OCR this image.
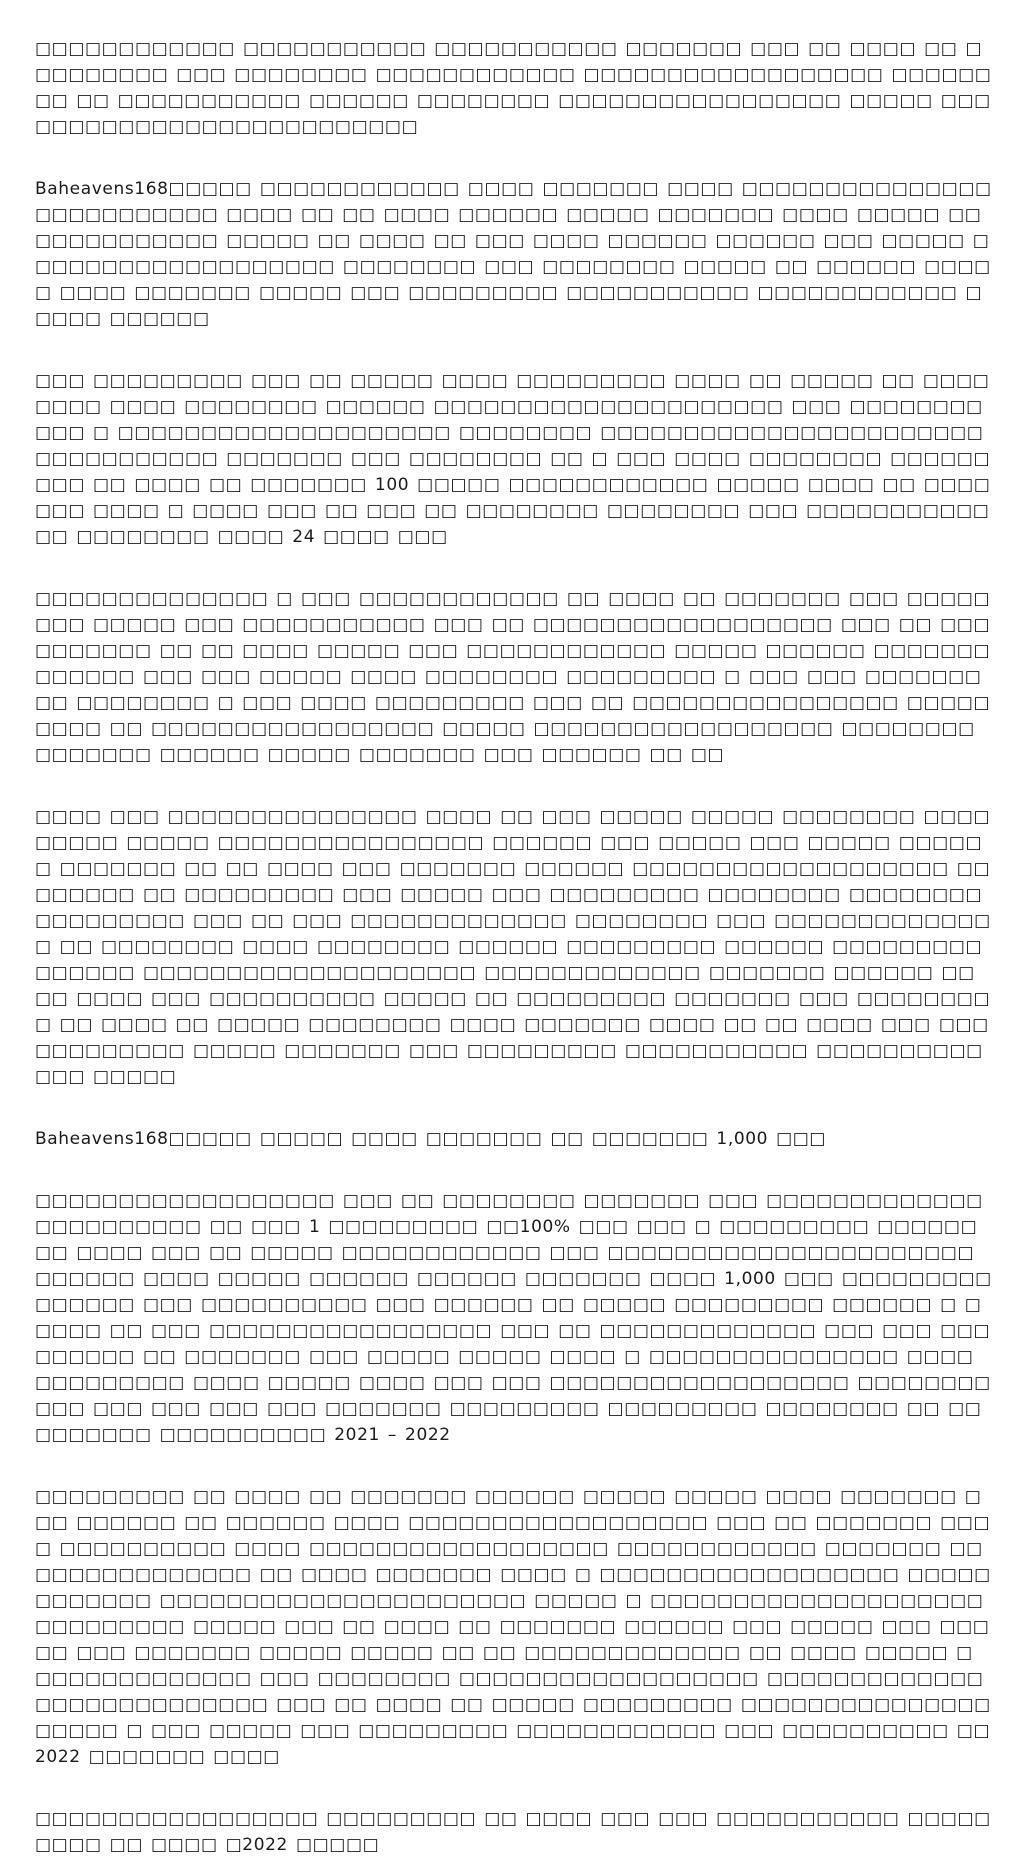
□□□□□□□□□□□□ □□□□□□□□□□□ □□□□□□□□□□□ □□□□□□□ □□□ □□ □□□□ □□ □□□□□□□□□ □□□ □□□□□□□□ □□□□□□□□□□□□ □□□□□□□□□□□□□□□□□□ □□□□□□□□ □□ □□□□□□□□□□□ □□□□□□ □□□□□□□□ □□□□□□□□□□□□□□□□□ □□□□□ □□□□□□□□□□□□□□□□□□□□□□□□□□

Baheavens168□□□□□ □□□□□□□□□□□□ □□□□ □□□□□□□ □□□□ □□□□□□□□□□□□□□□□□□□□□□□□□□ □□□□ □□ □□ □□□□ □□□□□□ □□□□□ □□□□□□□ □□□□ □□□□□ □□□□□□□□□□□□□ □□□□□ □□ □□□□ □□ □□□ □□□□ □□□□□□ □□□□□□ □□□ □□□□□ □□□□□□□□□□□□□□□□□□□ □□□□□□□□ □□□ □□□□□□□□ □□□□□ □□ □□□□□□ □□□□□ □□□□ □□□□□□□ □□□□□ □□□ □□□□□□□□□ □□□□□□□□□□□ □□□□□□□□□□□□ □□□□□ □□□□□□

□□□ □□□□□□□□□ □□□ □□ □□□□□ □□□□ □□□□□□□□□ □□□□ □□ □□□□□ □□ □□□□□□□□ □□□□ □□□□□□□□ □□□□□□ □□□□□□□□□□□□□□□□□□□□□ □□□ □□□□□□□□ □□□ □ □□□□□□□□□□□□□□□□□□□□ □□□□□□□□ □□□□□□□□□□□□□□□□□□□□□□□□□□□□□□□□□□ □□□□□□□ □□□ □□□□□□□□ □□ □ □□□ □□□□ □□□□□□□□ □□□□□□□□□ □□ □□□□ □□ □□□□□□□ 100 □□□□□ □□□□□□□□□□□□ □□□□□ □□□□ □□ □□□□ □□□ □□□□ □ □□□□ □□□ □□ □□□ □□ □□□□□□□□ □□□□□□□□ □□□ □□□□□□□□□□□□□ □□□□□□□□ □□□□ 24 □□□□ □□□

□□□□□□□□□□□□□□ □ □□□ □□□□□□□□□□□□ □□ □□□□ □□ □□□□□□□ □□□ □□□□□□□□ □□□□□ □□□ □□□□□□□□□□□ □□□ □□ □□□□□□□□□□□□□□□□□□ □□□ □□ □□□□□□□□□□ □□ □□ □□□□ □□□□□ □□□ □□□□□□□□□□□□ □□□□□ □□□□□□ □□□□□□□□□□□□□ □□□ □□□ □□□□□ □□□□ □□□□□□□□ □□□□□□□□□ □ □□□ □□□ □□□□□□□□□ □□□□□□□□ □ □□□ □□□□ □□□□□□□□□ □□□ □□ □□□□□□□□□□□□□□□□ □□□□□□□□□ □□ □□□□□□□□□□□□□□□□□ □□□□□ □□□□□□□□□□□□□□□□□□ □□□□□□□□ □□□□□□□ □□□□□□ □□□□□ □□□□□□□ □□□ □□□□□□ □□ □□

□□□□ □□□ □□□□□□□□□□□□□□□ □□□□ □□ □□□ □□□□□ □□□□□ □□□□□□□□ □□□□□□□□□ □□□□□ □□□□□□□□□□□□□□□□ □□□□□□ □□□ □□□□□ □□□ □□□□□ □□□□□□ □□□□□□□ □□ □□ □□□□ □□□ □□□□□□□ □□□□□□ □□□□□□□□□□□□□□□□□□□ □□□□□□□□ □□ □□□□□□□□□ □□□ □□□□□ □□□ □□□□□□□□□ □□□□□□□□ □□□□□□□□ □□□□□□□□□ □□□ □□ □□□ □□□□□□□□□□□□□ □□□□□□□□ □□□ □□□□□□□□□□□□□□ □□ □□□□□□□□ □□□□ □□□□□□□□ □□□□□□ □□□□□□□□□ □□□□□□ □□□□□□□□□□□□□□□ □□□□□□□□□□□□□□□□□□□□ □□□□□□□□□□□□□ □□□□□□□ □□□□□□ □□ □□ □□□□ □□□ □□□□□□□□□□ □□□□□ □□ □□□□□□□□□ □□□□□□□ □□□ □□□□□□□□□ □□ □□□□ □□ □□□□□ □□□□□□□□ □□□□ □□□□□□□ □□□□ □□ □□ □□□□ □□□ □□□□□□□□□□□□ □□□□□ □□□□□□□ □□□ □□□□□□□□□ □□□□□□□□□□□ □□□□□□□□□□□□□ □□□□□

Baheavens168□□□□□ □□□□□ □□□□ □□□□□□□ □□ □□□□□□□ 1,000 □□□

□□□□□□□□□□□□□□□□□□ □□□ □□ □□□□□□□□ □□□□□□□ □□□ □□□□□□□□□□□□□□□□□□□□□□□ □□ □□□ 1 □□□□□□□□□ □□100% □□□ □□□ □ □□□□□□□□□ □□□□□□□□ □□□□ □□□ □□ □□□□□ □□□□□□□□□□□□ □□□ □□□□□□□□□□□□□□□□□□□□□□ □□□□□□ □□□□ □□□□□ □□□□□□ □□□□□□ □□□□□□□ □□□□ 1,000 □□□ □□□□□□□□□□□□□□□ □□□ □□□□□□□□□□ □□□ □□□□□□ □□ □□□□□ □□□□□□□□□ □□□□□□ □ □□□□□ □□ □□□ □□□□□□□□□□□□□□□□□ □□□ □□ □□□□□□□□□□□□□ □□□ □□□ □□□□□□□□□ □□ □□□□□□□ □□□ □□□□□ □□□□□ □□□□ □ □□□□□□□□□□□□□□□ □□□□ □□□□□□□□□ □□□□ □□□□□ □□□□ □□□ □□□ □□□□□□□□□□□□□□□□□□ □□□□□□□□□□□ □□□ □□□ □□□ □□□ □□□□□□□ □□□□□□□□□ □□□□□□□□□ □□□□□□□□ □□ □□□□□□□□□ □□□□□□□□□□ 2021 – 2022

□□□□□□□□□ □□ □□□□ □□ □□□□□□□ □□□□□□ □□□□□ □□□□□ □□□□ □□□□□□□ □□□ □□□□□□ □□ □□□□□□ □□□□ □□□□□□□□□□□□□□□□□□ □□□ □□ □□□□□□□ □□□□ □□□□□□□□□□ □□□□ □□□□□□□□□□□□□□□□□□ □□□□□□□□□□□□ □□□□□□□ □□□□□□□□□□□□□□□ □□ □□□□ □□□□□□□ □□□□ □ □□□□□□□□□□□□□□□□□□ □□□□□□□□□□□□ □□□□□□□□□□□□□□□□□□□□□□ □□□□□ □ □□□□□□□□□□□□□□□□□□□□□□□□□□□□□ □□□□□ □□□ □□ □□□□ □□ □□□□□□□ □□□□□□ □□□ □□□□□ □□□ □□□□□ □□□ □□□□□□□ □□□□□ □□□□□ □□ □□ □□□□□□□□□□□□□ □□ □□□□ □□□□□ □ □□□□□□□□□□□□□ □□□ □□□□□□□□ □□□□□□□□□□□□□□□□□□ □□□□□□□□□□□□□□□□□□□□□□□□□□□ □□□ □□ □□□□ □□ □□□□□ □□□□□□□□□ □□□□□□□□□□□□□□□□□□□□ □ □□□ □□□□□ □□□ □□□□□□□□□ □□□□□□□□□□□□ □□□ □□□□□□□□□□ □□ 2022 □□□□□□□ □□□□

□□□□□□□□□□□□□□□□□ □□□□□□□□□ □□ □□□□ □□□ □□□ □□□□□□□□□□□ □□□□□□□□□ □□ □□□□ □2022 □□□□□
